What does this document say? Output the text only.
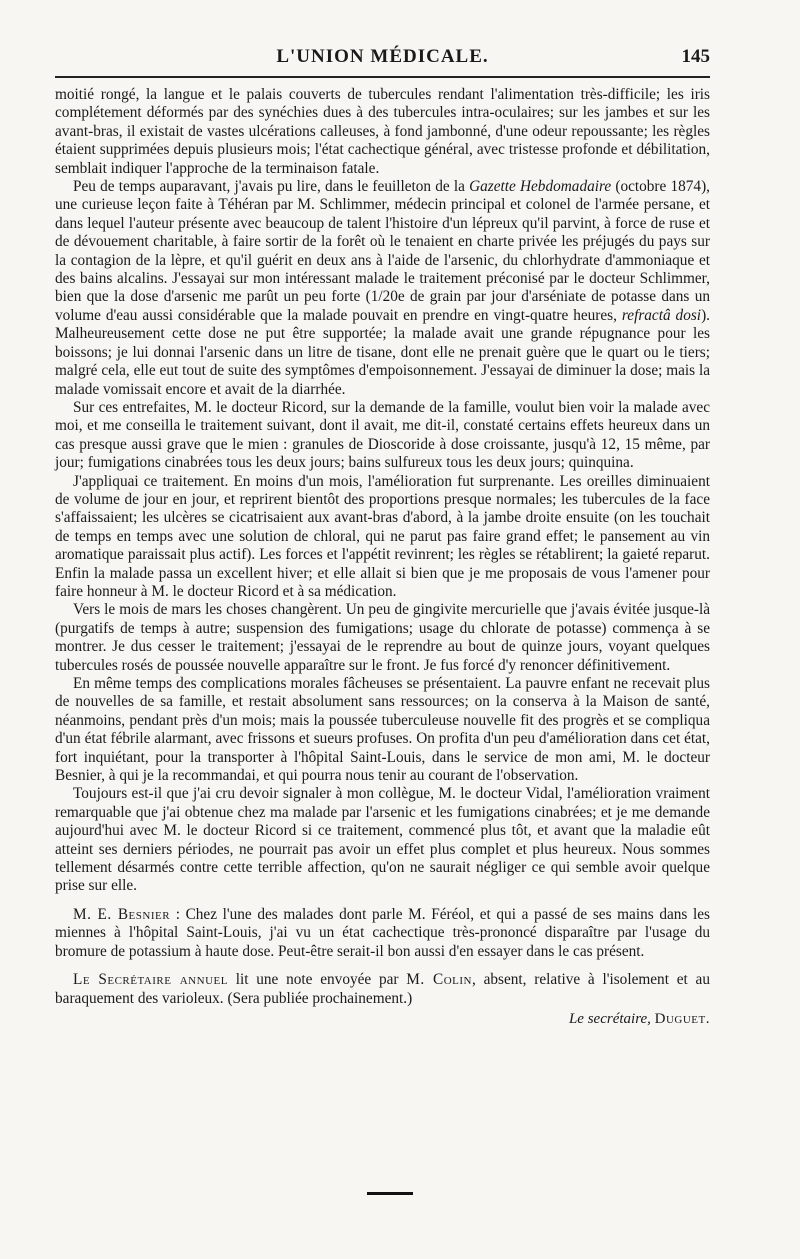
L'UNION MÉDICALE.	145

moitié rongé, la langue et le palais couverts de tubercules rendant l'alimentation très-difficile; les iris complétement déformés par des synéchies dues à des tubercules intra-oculaires; sur les jambes et sur les avant-bras, il existait de vastes ulcérations calleuses, à fond jambonné, d'une odeur repoussante; les règles étaient supprimées depuis plusieurs mois; l'état cachectique général, avec tristesse profonde et débilitation, semblait indiquer l'approche de la terminaison fatale.

Peu de temps auparavant, j'avais pu lire, dans le feuilleton de la Gazette Hebdomadaire (octobre 1874), une curieuse leçon faite à Téhéran par M. Schlimmer, médecin principal et colonel de l'armée persane, et dans lequel l'auteur présente avec beaucoup de talent l'histoire d'un lépreux qu'il parvint, à force de ruse et de dévouement charitable, à faire sortir de la forêt où le tenaient en charte privée les préjugés du pays sur la contagion de la lèpre, et qu'il guérit en deux ans à l'aide de l'arsenic, du chlorhydrate d'ammoniaque et des bains alcalins. J'essayai sur mon intéressant malade le traitement préconisé par le docteur Schlimmer, bien que la dose d'arsenic me parût un peu forte (1/20e de grain par jour d'arséniate de potasse dans un volume d'eau aussi considérable que la malade pouvait en prendre en vingt-quatre heures, refractâ dosi). Malheureusement cette dose ne put être supportée; la malade avait une grande répugnance pour les boissons; je lui donnai l'arsenic dans un litre de tisane, dont elle ne prenait guère que le quart ou le tiers; malgré cela, elle eut tout de suite des symptômes d'empoisonnement. J'essayai de diminuer la dose; mais la malade vomissait encore et avait de la diarrhée.

Sur ces entrefaites, M. le docteur Ricord, sur la demande de la famille, voulut bien voir la malade avec moi, et me conseilla le traitement suivant, dont il avait, me dit-il, constaté certains effets heureux dans un cas presque aussi grave que le mien : granules de Dioscoride à dose croissante, jusqu'à 12, 15 même, par jour; fumigations cinabrées tous les deux jours; bains sulfureux tous les deux jours; quinquina.

J'appliquai ce traitement. En moins d'un mois, l'amélioration fut surprenante. Les oreilles diminuaient de volume de jour en jour, et reprirent bientôt des proportions presque normales; les tubercules de la face s'affaissaient; les ulcères se cicatrisaient aux avant-bras d'abord, à la jambe droite ensuite (on les touchait de temps en temps avec une solution de chloral, qui ne parut pas faire grand effet; le pansement au vin aromatique paraissait plus actif). Les forces et l'appétit revinrent; les règles se rétablirent; la gaieté reparut. Enfin la malade passa un excellent hiver; et elle allait si bien que je me proposais de vous l'amener pour faire honneur à M. le docteur Ricord et à sa médication.

Vers le mois de mars les choses changèrent. Un peu de gingivite mercurielle que j'avais évitée jusque-là (purgatifs de temps à autre; suspension des fumigations; usage du chlorate de potasse) commença à se montrer. Je dus cesser le traitement; j'essayai de le reprendre au bout de quinze jours, voyant quelques tubercules rosés de poussée nouvelle apparaître sur le front. Je fus forcé d'y renoncer définitivement.

En même temps des complications morales fâcheuses se présentaient. La pauvre enfant ne recevait plus de nouvelles de sa famille, et restait absolument sans ressources; on la conserva à la Maison de santé, néanmoins, pendant près d'un mois; mais la poussée tuberculeuse nouvelle fit des progrès et se compliqua d'un état fébrile alarmant, avec frissons et sueurs profuses. On profita d'un peu d'amélioration dans cet état, fort inquiétant, pour la transporter à l'hôpital Saint-Louis, dans le service de mon ami, M. le docteur Besnier, à qui je la recommandai, et qui pourra nous tenir au courant de l'observation.

Toujours est-il que j'ai cru devoir signaler à mon collègue, M. le docteur Vidal, l'amélioration vraiment remarquable que j'ai obtenue chez ma malade par l'arsenic et les fumigations cinabrées; et je me demande aujourd'hui avec M. le docteur Ricord si ce traitement, commencé plus tôt, et avant que la maladie eût atteint ses derniers périodes, ne pourrait pas avoir un effet plus complet et plus heureux. Nous sommes tellement désarmés contre cette terrible affection, qu'on ne saurait négliger ce qui semble avoir quelque prise sur elle.

M. E. Besnier : Chez l'une des malades dont parle M. Féréol, et qui a passé de ses mains dans les miennes à l'hôpital Saint-Louis, j'ai vu un état cachectique très-prononcé disparaître par l'usage du bromure de potassium à haute dose. Peut-être serait-il bon aussi d'en essayer dans le cas présent.

Le Secrétaire annuel lit une note envoyée par M. Colin, absent, relative à l'isolement et au baraquement des varioleux. (Sera publiée prochainement.)

Le secrétaire, Duguet.
